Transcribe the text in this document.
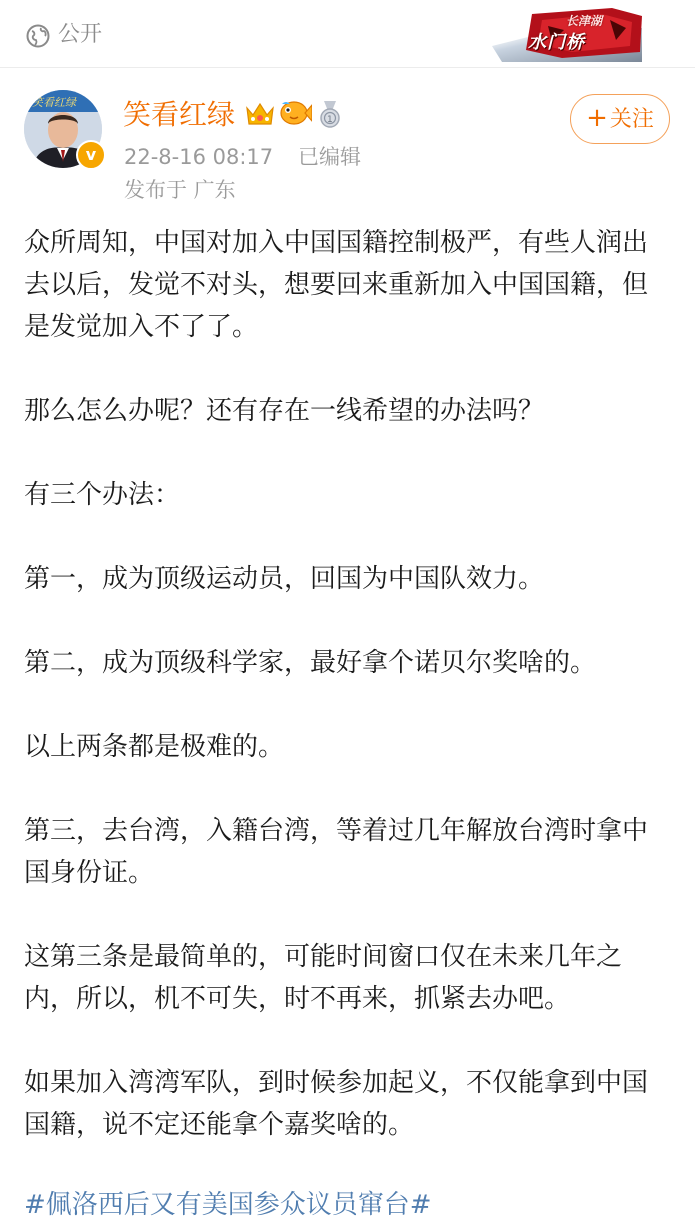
公开
长津湖
水门桥
笑看红绿
v
笑看红绿	1
22-8-16 08:17 已编辑
发布于 广东
+关注

众所周知，中国对加入中国国籍控制极严，有些人润出去以后，发觉不对头，想要回来重新加入中国国籍，但是发觉加入不了了。

那么怎么办呢？还有存在一线希望的办法吗？

有三个办法：

第一，成为顶级运动员，回国为中国队效力。

第二，成为顶级科学家，最好拿个诺贝尔奖啥的。

以上两条都是极难的。

第三，去台湾，入籍台湾，等着过几年解放台湾时拿中国身份证。

这第三条是最简单的，可能时间窗口仅在未来几年之内，所以，机不可失，时不再来，抓紧去办吧。

如果加入湾湾军队，到时候参加起义，不仅能拿到中国国籍，说不定还能拿个嘉奖啥的。

#佩洛西后又有美国参众议员窜台#
